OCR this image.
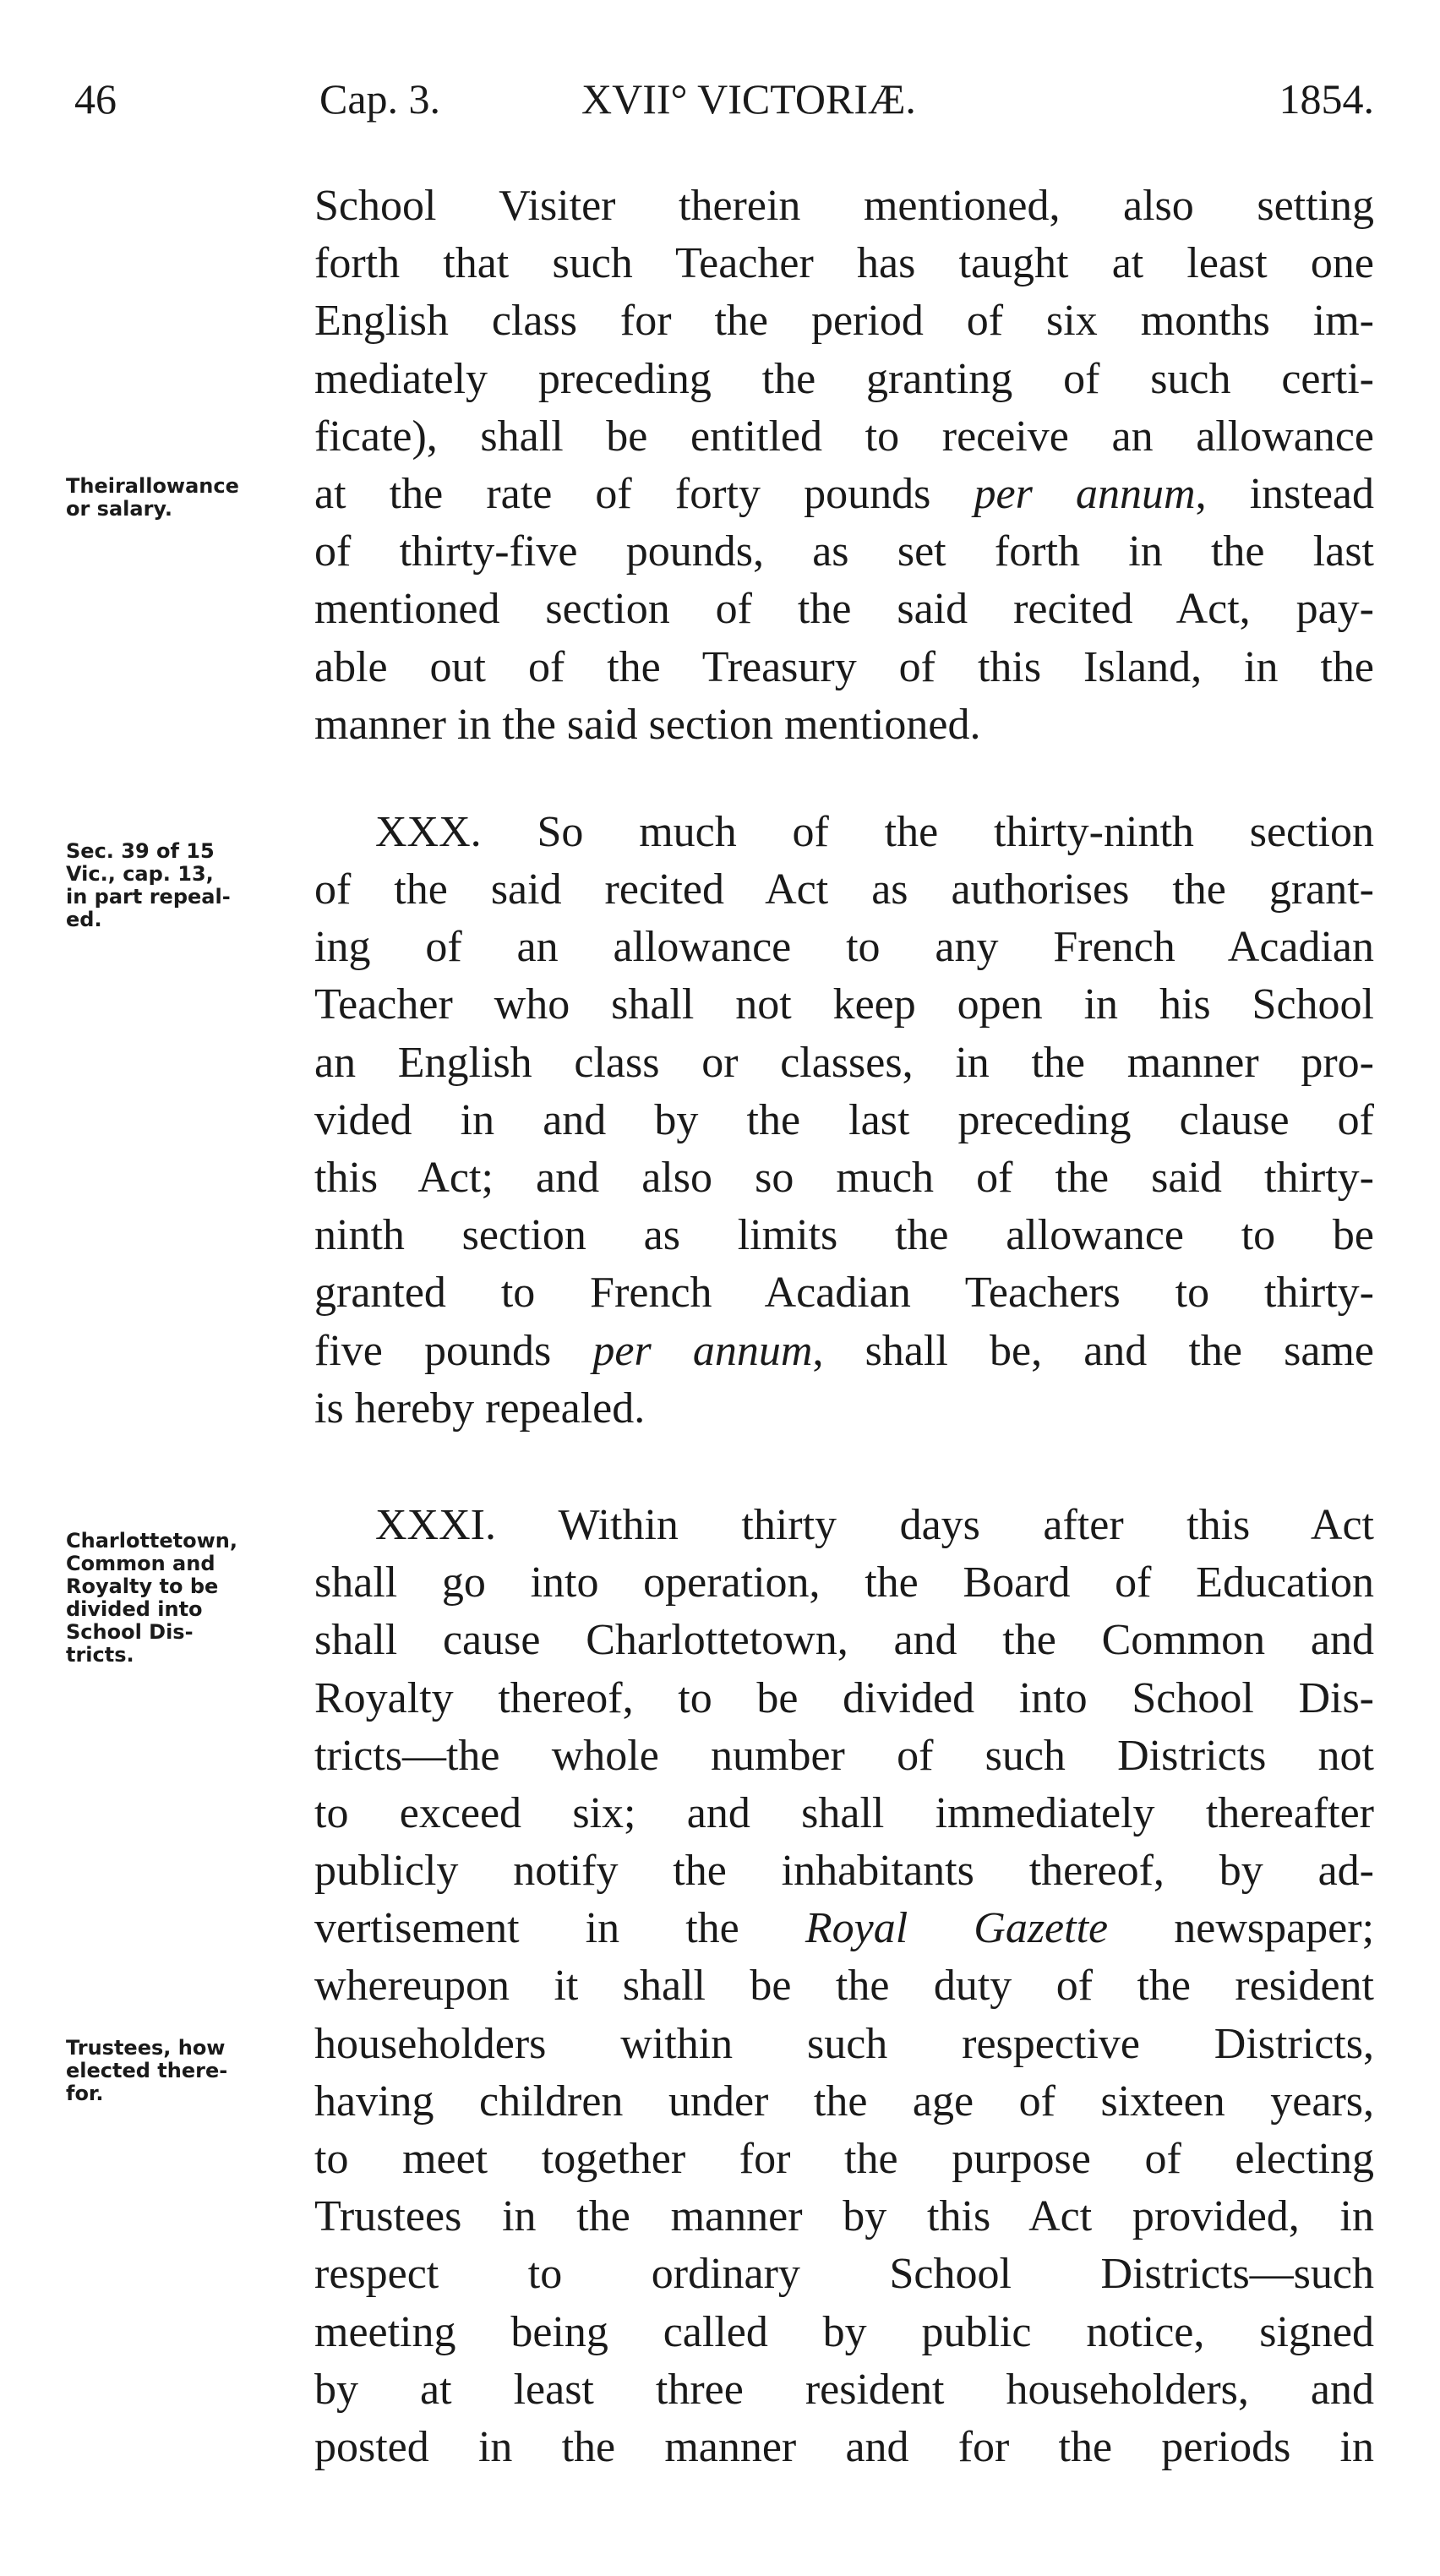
46	Cap. 3.	XVII° VICTORIÆ.	1854.
Theirallowance
or salary.
Sec. 39 of 15
Vic., cap. 13,
in part repeal-
ed.
Charlottetown,
Common and
Royalty to be
divided into
School Dis-
tricts.
Trustees, how
elected there-
for.
School Visiter therein mentioned, also setting
forth that such Teacher has taught at least one
English class for the period of six months im-
mediately preceding the granting of such certi-
ficate), shall be entitled to receive an allowance
at the rate of forty pounds per annum, instead
of thirty-five pounds, as set forth in the last
mentioned section of the said recited Act, pay-
able out of the Treasury of this Island, in the
manner in the said section mentioned.
XXX. So much of the thirty-ninth section
of the said recited Act as authorises the grant-
ing of an allowance to any French Acadian
Teacher who shall not keep open in his School
an English class or classes, in the manner pro-
vided in and by the last preceding clause of
this Act; and also so much of the said thirty-
ninth section as limits the allowance to be
granted to French Acadian Teachers to thirty-
five pounds per annum, shall be, and the same
is hereby repealed.
XXXI. Within thirty days after this Act
shall go into operation, the Board of Education
shall cause Charlottetown, and the Common and
Royalty thereof, to be divided into School Dis-
tricts—the whole number of such Districts not
to exceed six; and shall immediately thereafter
publicly notify the inhabitants thereof, by ad-
vertisement in the Royal Gazette newspaper;
whereupon it shall be the duty of the resident
householders within such respective Districts,
having children under the age of sixteen years,
to meet together for the purpose of electing
Trustees in the manner by this Act provided, in
respect to ordinary School Districts—such
meeting being called by public notice, signed
by at least three resident householders, and
posted in the manner and for the periods in
